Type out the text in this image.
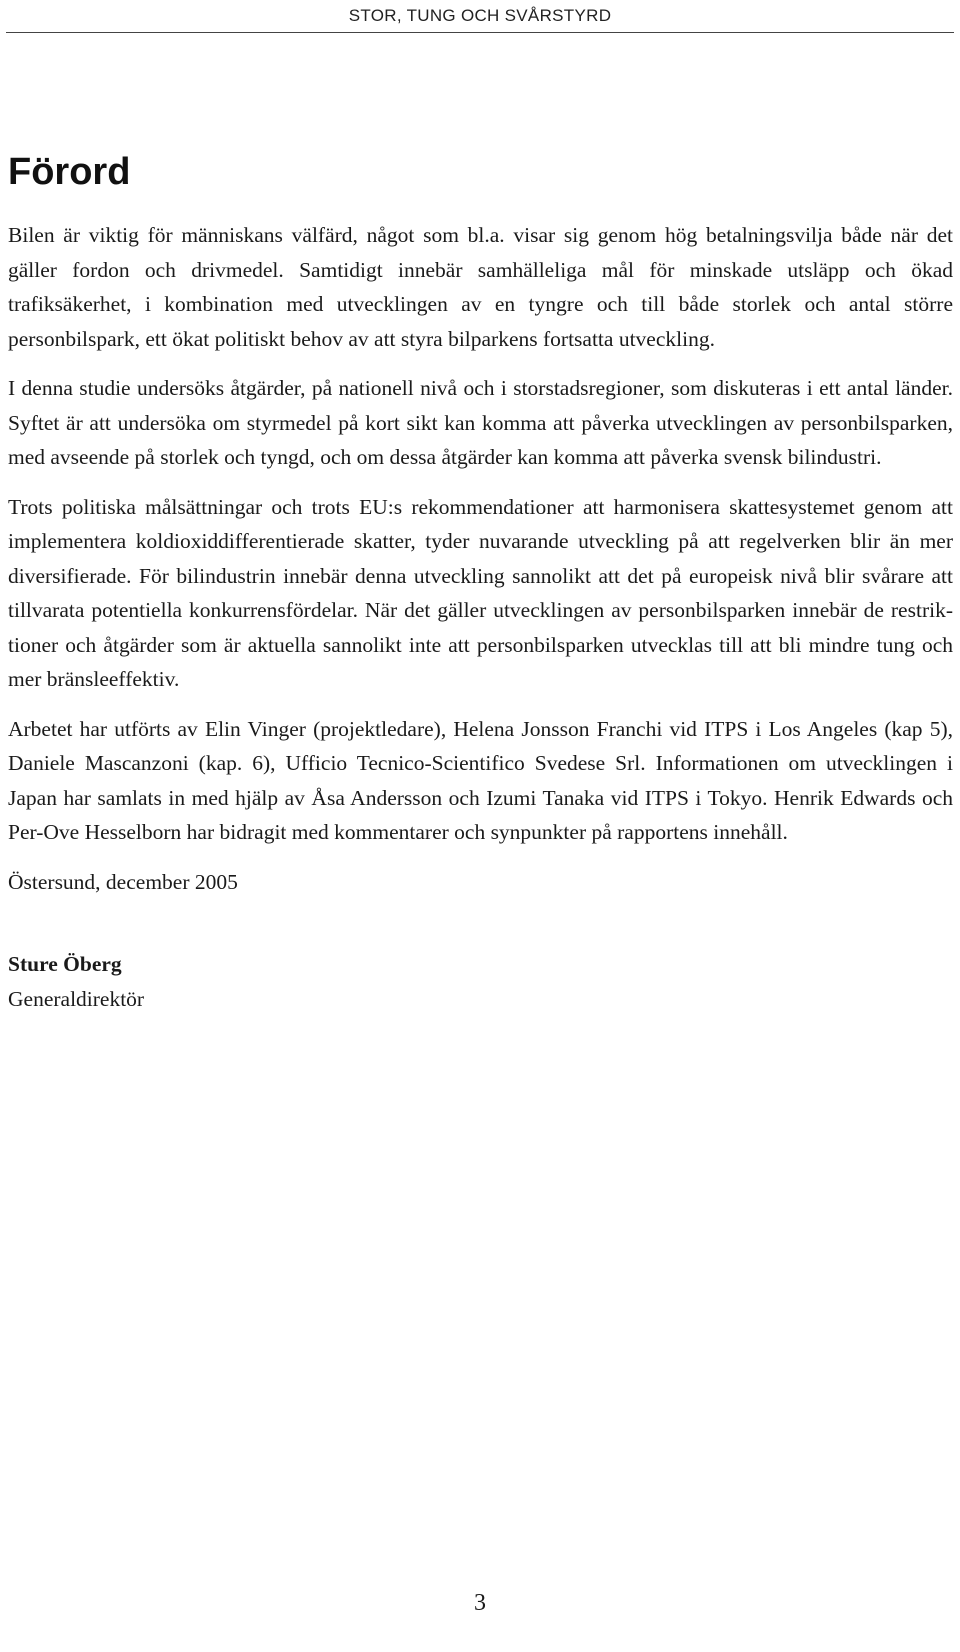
STOR, TUNG OCH SVÅRSTYRD
Förord

Bilen är viktig för människans välfärd, något som bl.a. visar sig genom hög betalningsvilja både när det gäller fordon och drivmedel. Samtidigt innebär samhälleliga mål för minskade utsläpp och ökad trafiksäkerhet, i kombination med utvecklingen av en tyngre och till både storlek och antal större personbilspark, ett ökat politiskt behov av att styra bilparkens fortsatta utveckling.

I denna studie undersöks åtgärder, på nationell nivå och i storstadsregioner, som diskuteras i ett antal länder. Syftet är att undersöka om styrmedel på kort sikt kan komma att påverka utvecklingen av personbilsparken, med avseende på storlek och tyngd, och om dessa åtgärder kan komma att påverka svensk bilindustri.

Trots politiska målsättningar och trots EU:s rekommendationer att harmonisera skattesystemet genom att implementera koldioxiddifferentierade skatter, tyder nuvarande utveckling på att regelverken blir än mer diversifierade. För bilindustrin innebär denna utveckling sannolikt att det på europeisk nivå blir svårare att tillvarata potentiella konkurrensfördelar. När det gäller utvecklingen av personbilsparken innebär de restriktioner och åtgärder som är aktuella sannolikt inte att personbilsparken utvecklas till att bli mindre tung och mer bränsleeffektiv.

Arbetet har utförts av Elin Vinger (projektledare), Helena Jonsson Franchi vid ITPS i Los Angeles (kap 5), Daniele Mascanzoni (kap. 6), Ufficio Tecnico-Scientifico Svedese Srl. Informationen om utvecklingen i Japan har samlats in med hjälp av Åsa Andersson och Izumi Tanaka vid ITPS i Tokyo. Henrik Edwards och Per-Ove Hesselborn har bidragit med kommentarer och synpunkter på rapportens innehåll.

Östersund, december 2005

Sture Öberg

Generaldirektör

3
